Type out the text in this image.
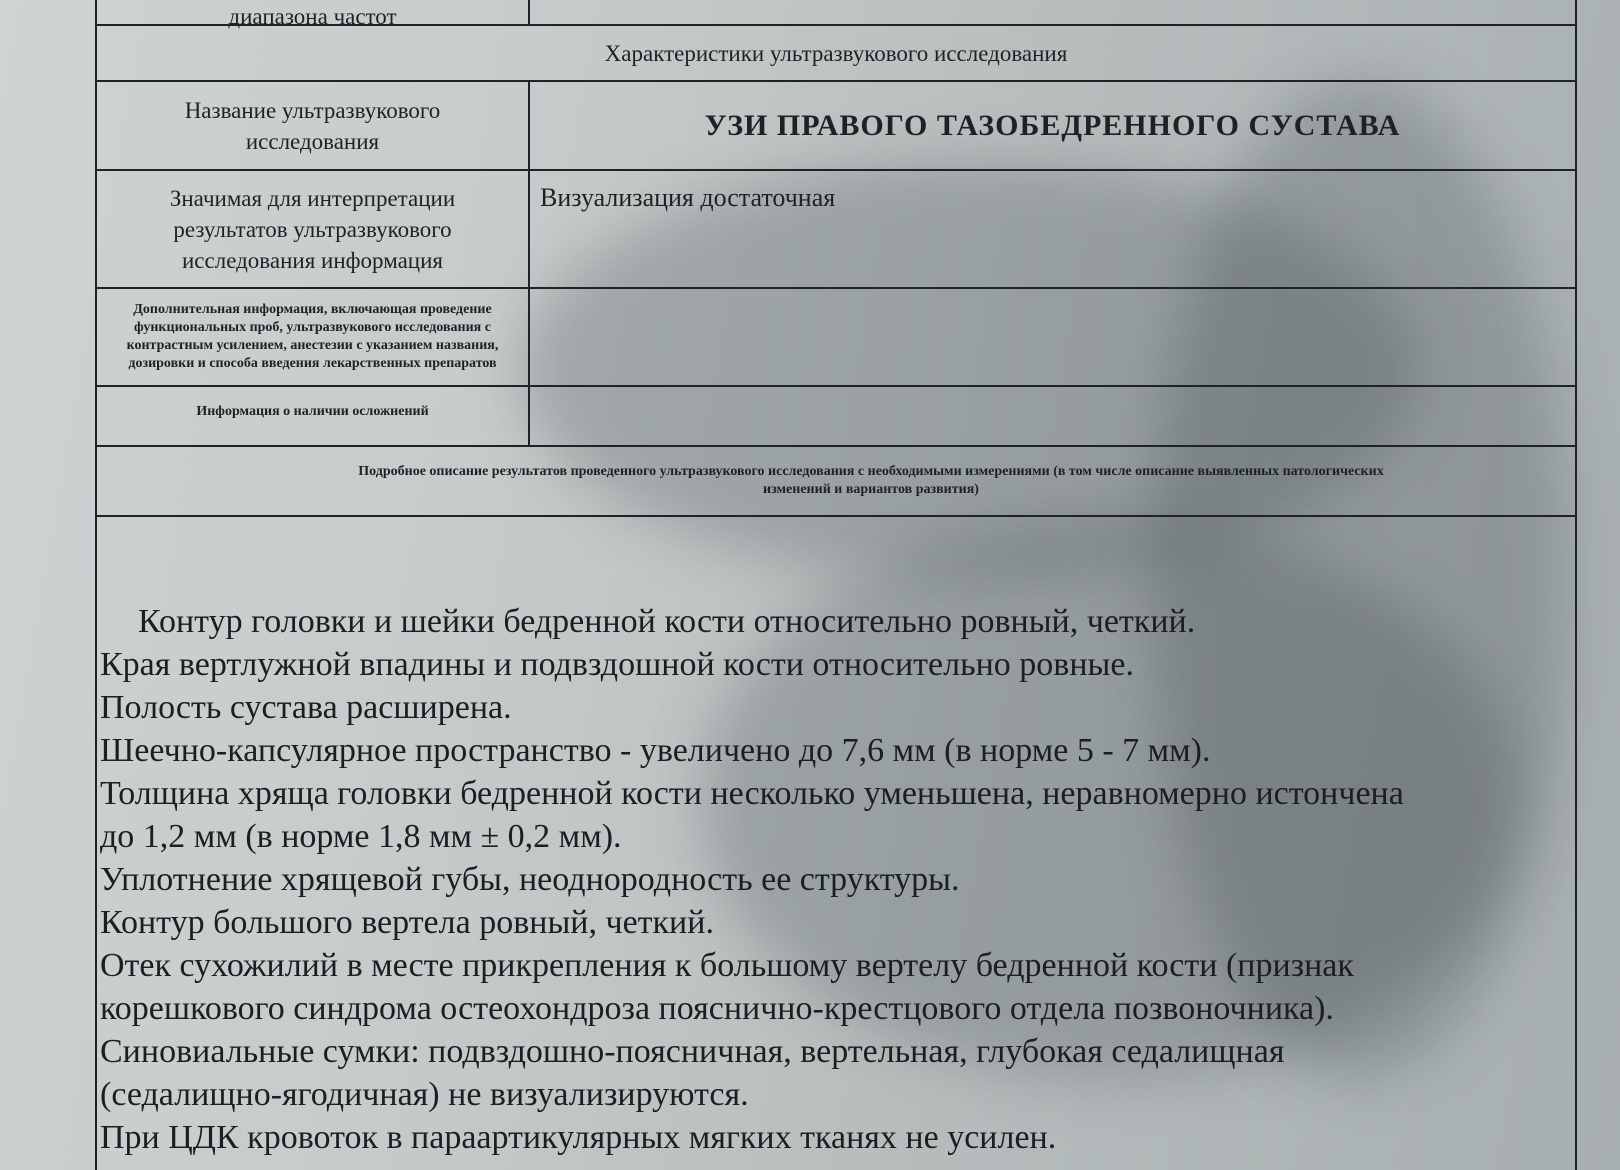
диапазона частот
Характеристики ультразвукового исследования
Название ультразвукового
исследования	УЗИ ПРАВОГО ТАЗОБЕДРЕННОГО СУСТАВА
Значимая для интерпретации
результатов ультразвукового
исследования информация
Визуализация достаточная
Дополнительная информация, включающая проведение
функциональных проб, ультразвукового исследования с
контрастным усилением, анестезии с указанием названия,
дозировки и способа введения лекарственных препаратов
Информация о наличии осложнений
Подробное описание результатов проведенного ультразвукового исследования с необходимыми измерениями (в том числе описание выявленных патологических
изменений и вариантов развития)
Контур головки и шейки бедренной кости относительно ровный, четкий.
Края вертлужной впадины и подвздошной кости относительно ровные.
Полость сустава расширена.
Шеечно-капсулярное пространство - увеличено до 7,6 мм (в норме 5 - 7 мм).
Толщина хряща головки бедренной кости несколько уменьшена, неравномерно истончена
до 1,2 мм (в норме 1,8 мм ± 0,2 мм).
Уплотнение хрящевой губы, неоднородность ее структуры.
Контур большого вертела ровный, четкий.
Отек сухожилий в месте прикрепления к большому вертелу бедренной кости (признак
корешкового синдрома остеохондроза пояснично-крестцового отдела позвоночника).
Синовиальные сумки: подвздошно-поясничная, вертельная, глубокая седалищная
(седалищно-ягодичная) не визуализируются.
При ЦДК кровоток в параартикулярных мягких тканях не усилен.
